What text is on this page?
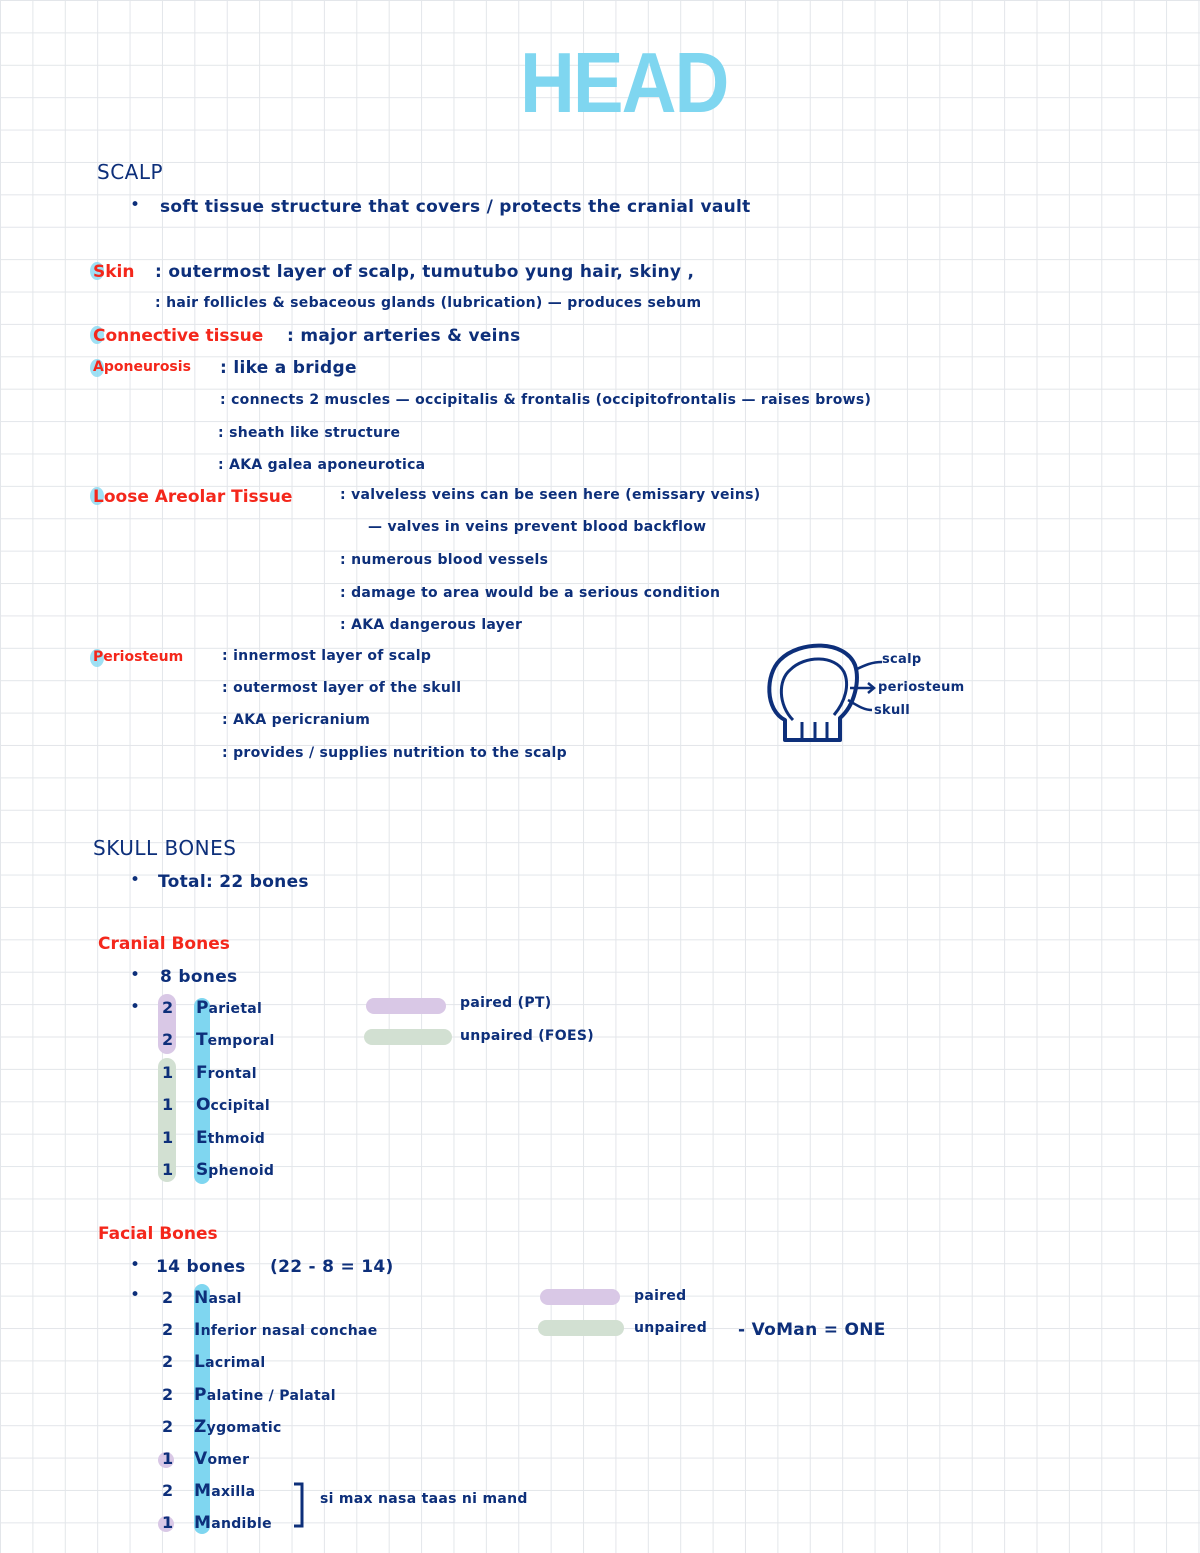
HEAD
SCALP
• soft tissue structure that covers / protects the cranial vault
Skin : outermost layer of scalp, tumutubo yung hair, skiny ,
: hair follicles & sebaceous glands (lubrication) — produces sebum
Connective tissue : major arteries & veins
Aponeurosis : like a bridge
: connects 2 muscles — occipitalis & frontalis (occipitofrontalis — raises brows)
: sheath like structure
: AKA galea aponeurotica
Loose Areolar Tissue	: valveless veins can be seen here (emissary veins)
— valves in veins prevent blood backflow
: numerous blood vessels
: damage to area would be a serious condition
: AKA dangerous layer
Periosteum	: innermost layer of scalp
: outermost layer of the skull
: AKA pericranium
: provides / supplies nutrition to the scalp
scalp
periosteum
skull
SKULL BONES
• Total: 22 bones
Cranial Bones
• 8 bones
• 2 Parietal
2 Temporal
1 Frontal
1 Occipital
1 Ethmoid
1 Sphenoid
paired (PT)
unpaired (FOES)
Facial Bones
• 14 bones (22 - 8 = 14)
• 2 Nasal
2 Inferior nasal conchae
2 Lacrimal
2 Palatine / Palatal
2 Zygomatic
1 Vomer
2 Maxilla
1 Mandible
si max nasa taas ni mand
paired
unpaired - VoMan = ONE
